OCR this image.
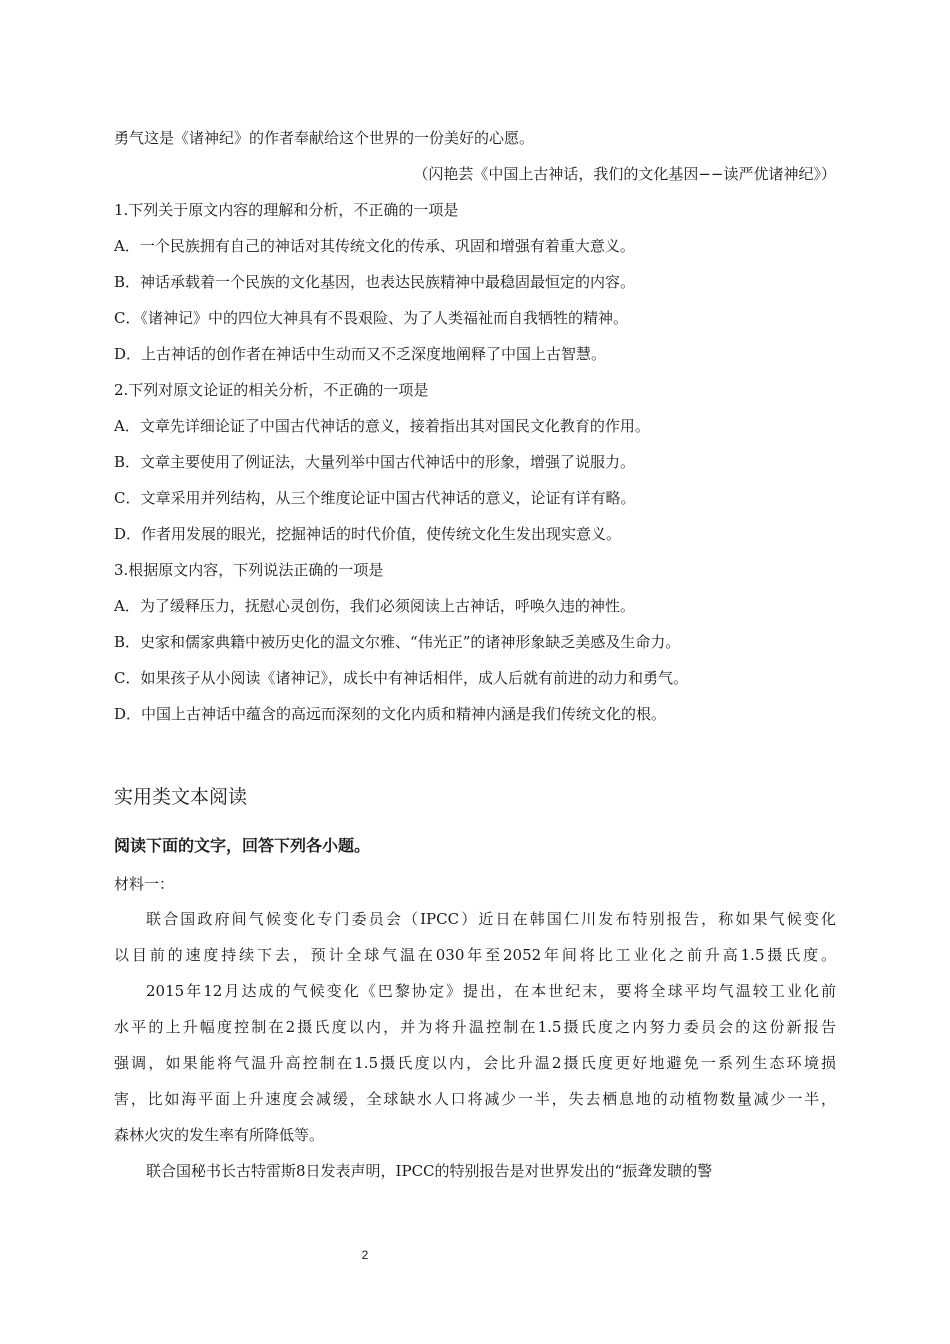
勇气这是《诸神纪》的作者奉献给这个世界的一份美好的心愿。
（闪艳芸《中国上古神话，我们的文化基因−−读严优诸神纪》）
1.下列关于原文内容的理解和分析，不正确的一项是
A．一个民族拥有自己的神话对其传统文化的传承、巩固和增强有着重大意义。
B．神话承载着一个民族的文化基因，也表达民族精神中最稳固最恒定的内容。
C．《诸神记》中的四位大神具有不畏艰险、为了人类福祉而自我牺牲的精神。
D．上古神话的创作者在神话中生动而又不乏深度地阐释了中国上古智慧。
2.下列对原文论证的相关分析，不正确的一项是
A．文章先详细论证了中国古代神话的意义，接着指出其对国民文化教育的作用。
B．文章主要使用了例证法，大量列举中国古代神话中的形象，增强了说服力。
C．文章采用并列结构，从三个维度论证中国古代神话的意义，论证有详有略。
D．作者用发展的眼光，挖掘神话的时代价值，使传统文化生发出现实意义。
3.根据原文内容，下列说法正确的一项是
A．为了缓释压力，抚慰心灵创伤，我们必须阅读上古神话，呼唤久违的神性。
B．史家和儒家典籍中被历史化的温文尔雅、“伟光正”的诸神形象缺乏美感及生命力。
C．如果孩子从小阅读《诸神记》，成长中有神话相伴，成人后就有前进的动力和勇气。
D．中国上古神话中蕴含的高远而深刻的文化内质和精神内涵是我们传统文化的根。
实用类文本阅读
阅读下面的文字，回答下列各小题。
材料一：
联合国政府间气候变化专门委员会（IPCC）近日在韩国仁川发布特别报告，称如果气候变化
以目前的速度持续下去，预计全球气温在030年至2052年间将比工业化之前升高1.5摄氏度。
2015年12月达成的气候变化《巴黎协定》提出，在本世纪末，要将全球平均气温较工业化前
水平的上升幅度控制在2摄氏度以内，并为将升温控制在1.5摄氏度之内努力委员会的这份新报告
强调，如果能将气温升高控制在1.5摄氏度以内，会比升温2摄氏度更好地避免一系列生态环境损
害，比如海平面上升速度会减缓，全球缺水人口将减少一半，失去栖息地的动植物数量减少一半，
森林火灾的发生率有所降低等。
联合国秘书长古特雷斯8日发表声明，IPCC的特别报告是对世界发出的“振聋发聩的警
2
